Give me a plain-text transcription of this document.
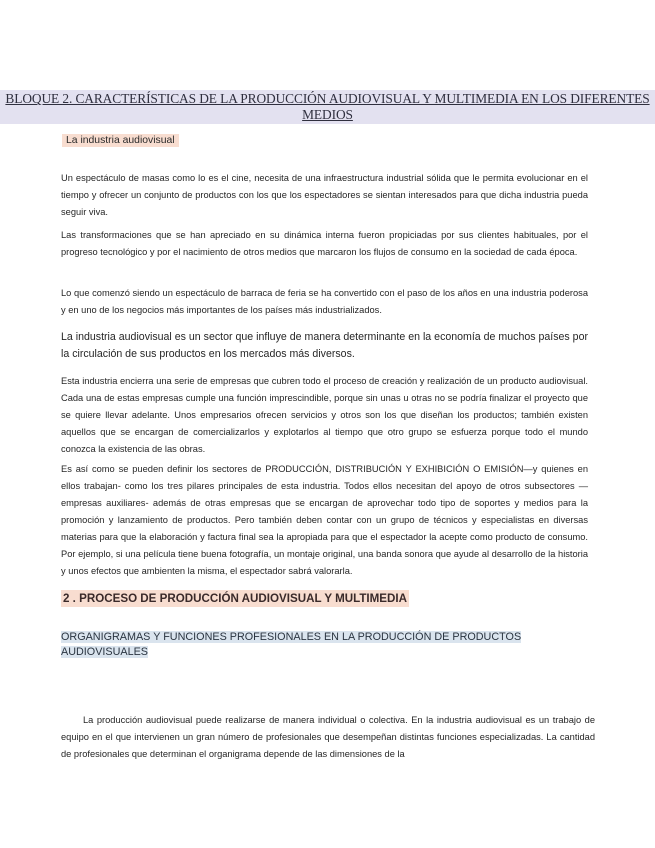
BLOQUE 2. CARACTERÍSTICAS DE LA PRODUCCIÓN AUDIOVISUAL Y MULTIMEDIA EN LOS DIFERENTES MEDIOS
La industria audiovisual

Un espectáculo de masas como lo es el cine, necesita de una infraestructura industrial sólida que le permita evolucionar en el tiempo y ofrecer un conjunto de productos con los que los espectadores se sientan interesados para que dicha industria pueda seguir viva.

Las transformaciones que se han apreciado en su dinámica interna fueron propiciadas por sus clientes habituales, por el progreso tecnológico y por el nacimiento de otros medios que marcaron los flujos de consumo en la sociedad de cada época.

Lo que comenzó siendo un espectáculo de barraca de feria se ha convertido con el paso de los años en una industria poderosa y en uno de los negocios más importantes de los países más industrializados.

La industria audiovisual es un sector que influye de manera determinante en la economía de muchos países por la circulación de sus productos en los mercados más diversos.

Esta industria encierra una serie de empresas que cubren todo el proceso de creación y realización de un producto audiovisual. Cada una de estas empresas cumple una función imprescindible, porque sin unas u otras no se podría finalizar el proyecto que se quiere llevar adelante. Unos empresarios ofrecen servicios y otros son los que diseñan los productos; también existen aquellos que se encargan de comercializarlos y explotarlos al tiempo que otro grupo se esfuerza porque todo el mundo conozca la existencia de las obras.

Es así como se pueden definir los sectores de PRODUCCIÓN, DISTRIBUCIÓN Y EXHIBICIÓN O EMISIÓN—y quienes en ellos trabajan- como los tres pilares principales de esta industria. Todos ellos necesitan del apoyo de otros subsectores —empresas auxiliares- además de otras empresas que se encargan de aprovechar todo tipo de soportes y medios para la promoción y lanzamiento de productos. Pero también deben contar con un grupo de técnicos y especialistas en diversas materias para que la elaboración y factura final sea la apropiada para que el espectador la acepte como producto de consumo. Por ejemplo, si una película tiene buena fotografía, un montaje original, una banda sonora que ayude al desarrollo de la historia y unos efectos que ambienten la misma, el espectador sabrá valorarla.

2 . PROCESO DE PRODUCCIÓN AUDIOVISUAL Y MULTIMEDIA
ORGANIGRAMAS Y FUNCIONES PROFESIONALES EN LA PRODUCCIÓN DE PRODUCTOS AUDIOVISUALES

La producción audiovisual puede realizarse de manera individual o colectiva. En la industria audiovisual es un trabajo de equipo en el que intervienen un gran número de profesionales que desempeñan distintas funciones especializadas. La cantidad de profesionales que determinan el organigrama depende de las dimensiones de la
